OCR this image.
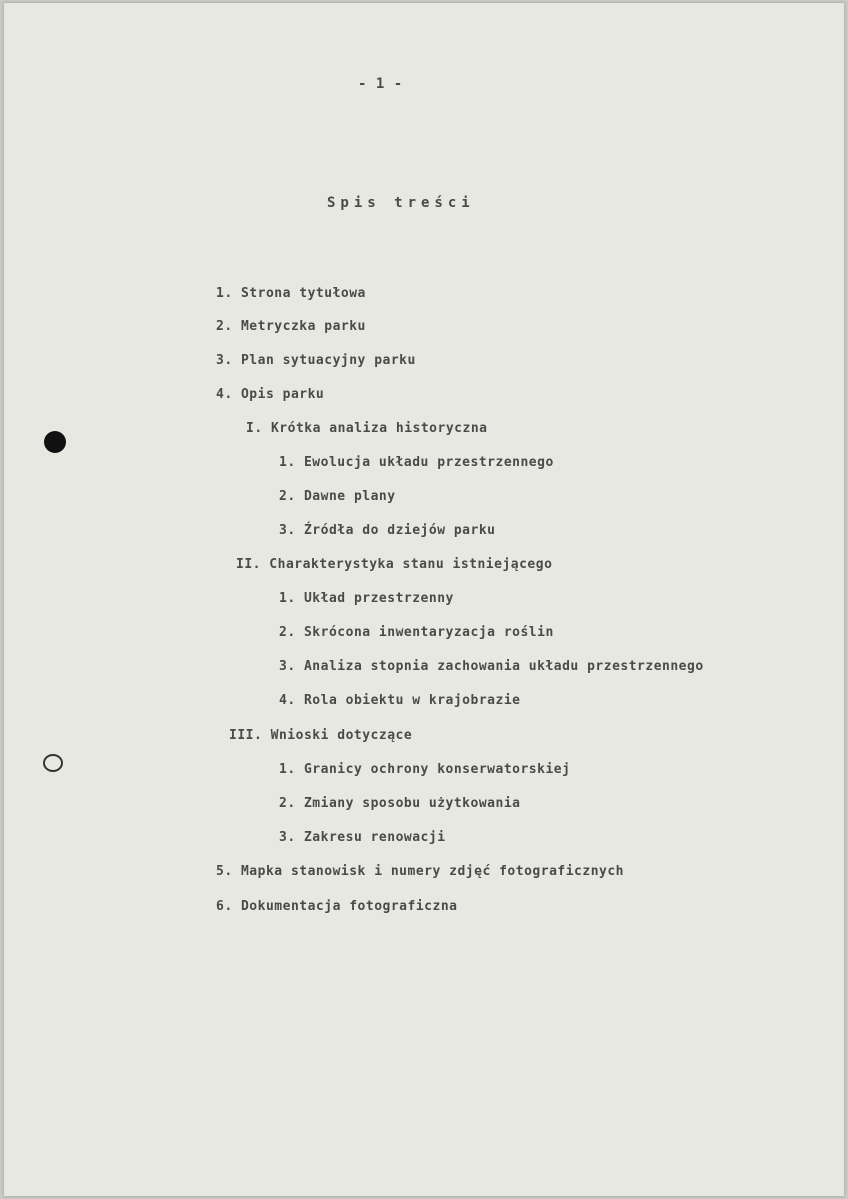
- 1 -
Spis treści
1. Strona tytułowa
2. Metryczka parku
3. Plan sytuacyjny parku
4. Opis parku
I. Krótka analiza historyczna
1. Ewolucja układu przestrzennego
2. Dawne plany
3. Źródła do dziejów parku
II. Charakterystyka stanu istniejącego
1. Układ przestrzenny
2. Skrócona inwentaryzacja roślin
3. Analiza stopnia zachowania układu przestrzennego
4. Rola obiektu w krajobrazie
III. Wnioski dotyczące
1. Granicy ochrony konserwatorskiej
2. Zmiany sposobu użytkowania
3. Zakresu renowacji
5. Mapka stanowisk i numery zdjęć fotograficznych
6. Dokumentacja fotograficzna
